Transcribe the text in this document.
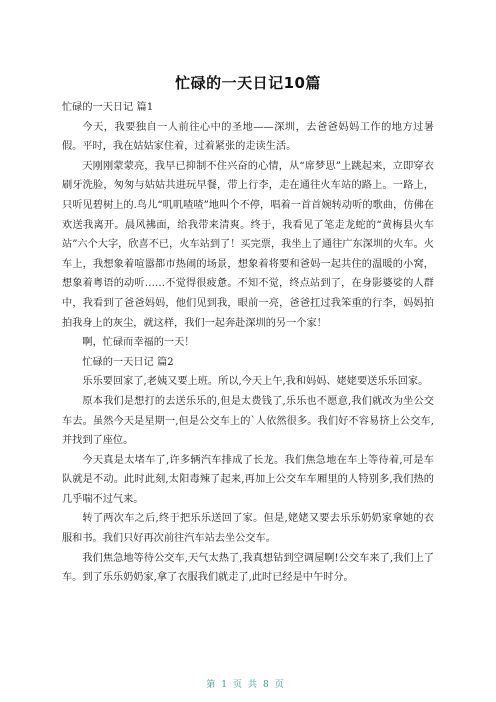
忙碌的一天日记10篇

忙碌的一天日记 篇1

今天，我要独自一人前往心中的圣地——深圳，去爸爸妈妈工作的地方过暑假。平时，我在姑姑家住着，过着紧张的走读生活。

天刚刚蒙蒙亮，我早已抑制不住兴奋的心情，从“席梦思”上跳起来，立即穿衣刷牙洗脸，匆匆与姑姑共进玩早餐，带上行李，走在通往火车站的路上。一路上，只听见碧树上的.鸟儿“叽叽喳喳”地叫个不停，唱着一首首婉转动听的歌曲，仿佛在欢送我离开。晨风拂面，给我带来清爽。终于，我看见了笔走龙蛇的“黄梅县火车站”六个大字，欣喜不已，火车站到了！买完票，我坐上了通往广东深圳的火车。火车上，我想象着喧嚣都市热闹的场景，想象着将要和爸妈一起共住的温暖的小窝，想象着粤语的动听……不觉得很疲惫。不知不觉，终点站到了，在身影婆娑的人群中，我看到了爸爸妈妈，他们见到我，眼前一亮，爸爸扛过我笨重的行李，妈妈拍拍我身上的灰尘，就这样，我们一起奔赴深圳的另一个家！

啊，忙碌而幸福的一天！

忙碌的一天日记 篇2

乐乐要回家了,老姨又要上班。所以,今天上午,我和妈妈、姥姥要送乐乐回家。

原本我们是想打的去送乐乐的,但是太费钱了,乐乐也不愿意,我们就改为坐公交车去。虽然今天是星期一,但是公交车上的`人依然很多。我们好不容易挤上公交车,并找到了座位。

今天真是太堵车了,许多辆汽车排成了长龙。我们焦急地在车上等待着,可是车队就是不动。此时此刻,太阳毒辣了起来,再加上公交车车厢里的人特别多,我们热的几乎喘不过气来。

转了两次车之后,终于把乐乐送回了家。但是,姥姥又要去乐乐奶奶家拿她的衣服和书。我们只好再次前往汽车站去坐公交车。

我们焦急地等待公交车,天气太热了,我真想钻到空调屋啊!公交车来了,我们上了车。到了乐乐奶奶家,拿了衣服我们就走了,此时已经是中午时分。

第1页共8页
